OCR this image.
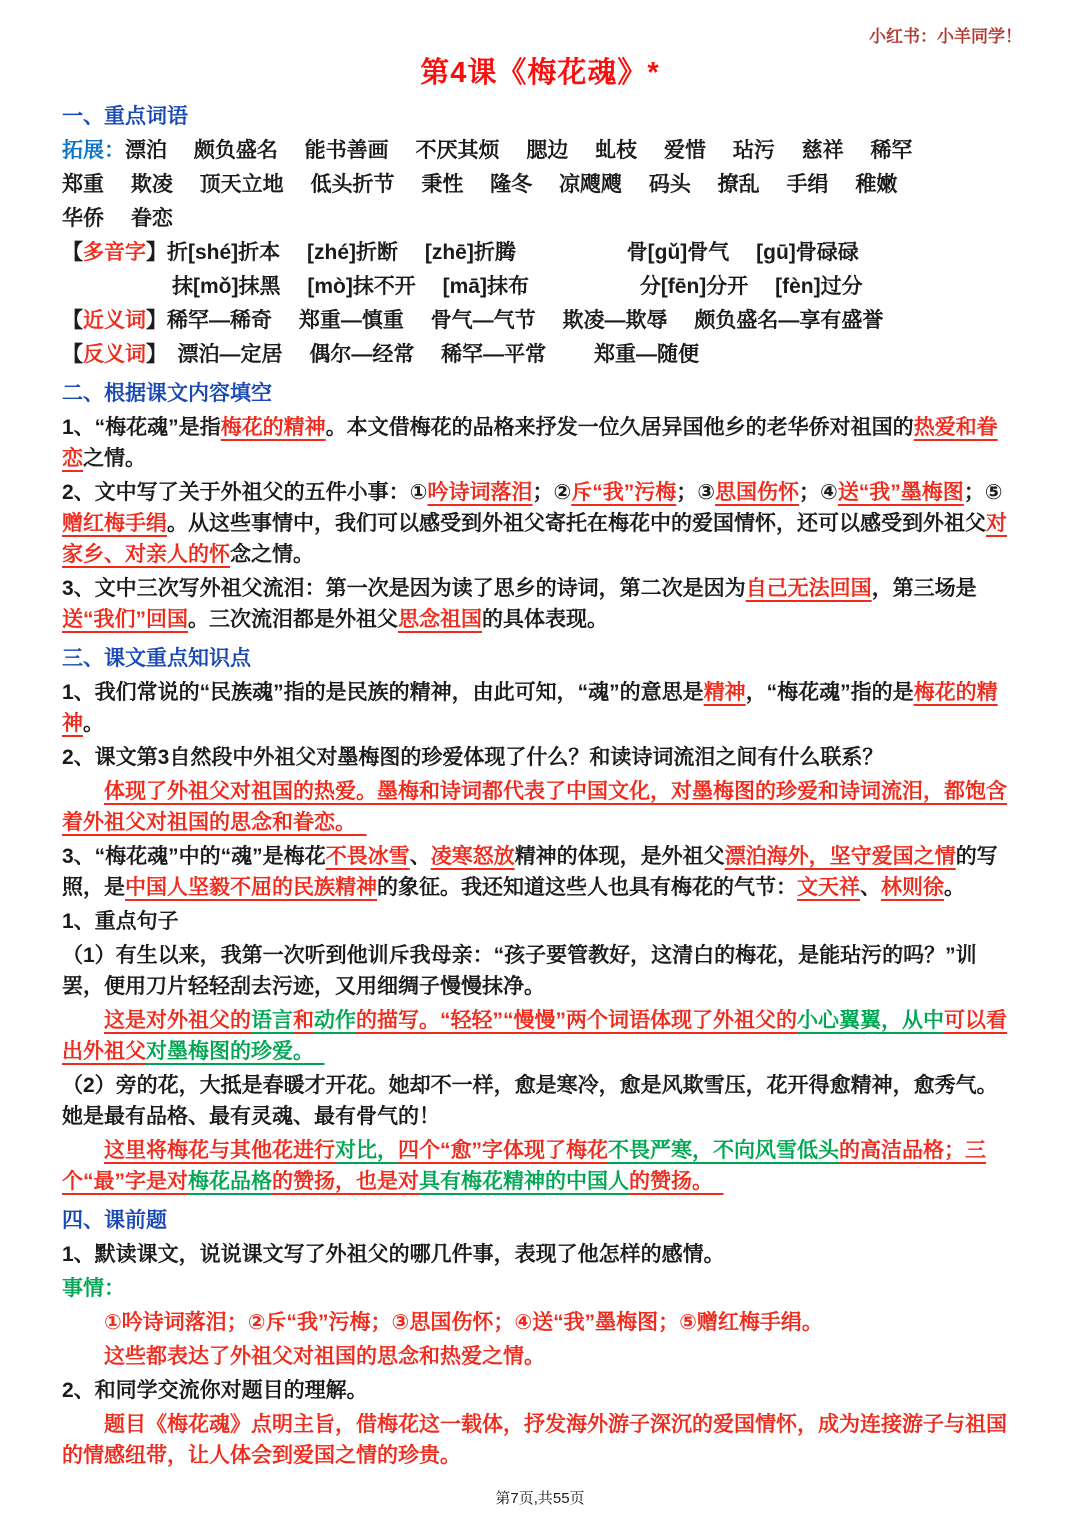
小红书：小羊同学！
第4课《梅花魂》*

一、重点词语

拓展：漂泊　 颇负盛名　 能书善画　 不厌其烦　 腮边　 虬枝　 爱惜　 玷污　 慈祥　 稀罕

郑重　 欺凌　 顶天立地　 低头折节　 秉性　 隆冬　 凉飕飕　 码头　 撩乱　 手绢　 稚嫩

华侨　 眷恋

【多音字】折[shé]折本　 [zhé]折断　 [zhē]折腾　　　　　 骨[gǔ]骨气　 [gū]骨碌碌

抹[mǒ]抹黑　 [mò]抹不开　 [mā]抹布　　　　　 分[fēn]分开　 [fèn]过分

【近义词】稀罕—稀奇　 郑重—慎重　 骨气—气节　 欺凌—欺辱　 颇负盛名—享有盛誉

【反义词】　漂泊—定居　 偶尔—经常　 稀罕—平常　　 郑重—随便

二、根据课文内容填空

1、“梅花魂”是指梅花的精神。本文借梅花的品格来抒发一位久居异国他乡的老华侨对祖国的热爱和眷恋之情。

2、文中写了关于外祖父的五件小事：①吟诗词落泪；②斥“我”污梅；③思国伤怀；④送“我”墨梅图；⑤赠红梅手绢。从这些事情中，我们可以感受到外祖父寄托在梅花中的爱国情怀，还可以感受到外祖父对家乡、对亲人的怀念之情。

3、文中三次写外祖父流泪：第一次是因为读了思乡的诗词，第二次是因为自己无法回国，第三场是送“我们”回国。三次流泪都是外祖父思念祖国的具体表现。

三、课文重点知识点

1、我们常说的“民族魂”指的是民族的精神，由此可知，“魂”的意思是精神，“梅花魂”指的是梅花的精神。

2、课文第3自然段中外祖父对墨梅图的珍爱体现了什么？和读诗词流泪之间有什么联系？

体现了外祖父对祖国的热爱。墨梅和诗词都代表了中国文化，对墨梅图的珍爱和诗词流泪，都饱含着外祖父对祖国的思念和眷恋。　

3、“梅花魂”中的“魂”是梅花不畏冰雪、凌寒怒放精神的体现，是外祖父漂泊海外，坚守爱国之情的写照，是中国人坚毅不屈的民族精神的象征。我还知道这些人也具有梅花的气节：文天祥、林则徐。

1、重点句子

（1）有生以来，我第一次听到他训斥我母亲：“孩子要管教好，这清白的梅花，是能玷污的吗？”训罢，便用刀片轻轻刮去污迹，又用细绸子慢慢抹净。

这是对外祖父的语言和动作的描写。“轻轻”“慢慢”两个词语体现了外祖父的小心翼翼，从中可以看出外祖父对墨梅图的珍爱。　

（2）旁的花，大抵是春暖才开花。她却不一样，愈是寒冷，愈是风欺雪压，花开得愈精神，愈秀气。她是最有品格、最有灵魂、最有骨气的！

这里将梅花与其他花进行对比，四个“愈”字体现了梅花不畏严寒，不向风雪低头的高洁品格；三个“最”字是对梅花品格的赞扬，也是对具有梅花精神的中国人的赞扬。　

四、课前题

1、默读课文，说说课文写了外祖父的哪几件事，表现了他怎样的感情。

事情：

①吟诗词落泪；②斥“我”污梅；③思国伤怀；④送“我”墨梅图；⑤赠红梅手绢。

这些都表达了外祖父对祖国的思念和热爱之情。

2、和同学交流你对题目的理解。

题目《梅花魂》点明主旨，借梅花这一载体，抒发海外游子深沉的爱国情怀，成为连接游子与祖国的情感纽带，让人体会到爱国之情的珍贵。

第7页,共55页
